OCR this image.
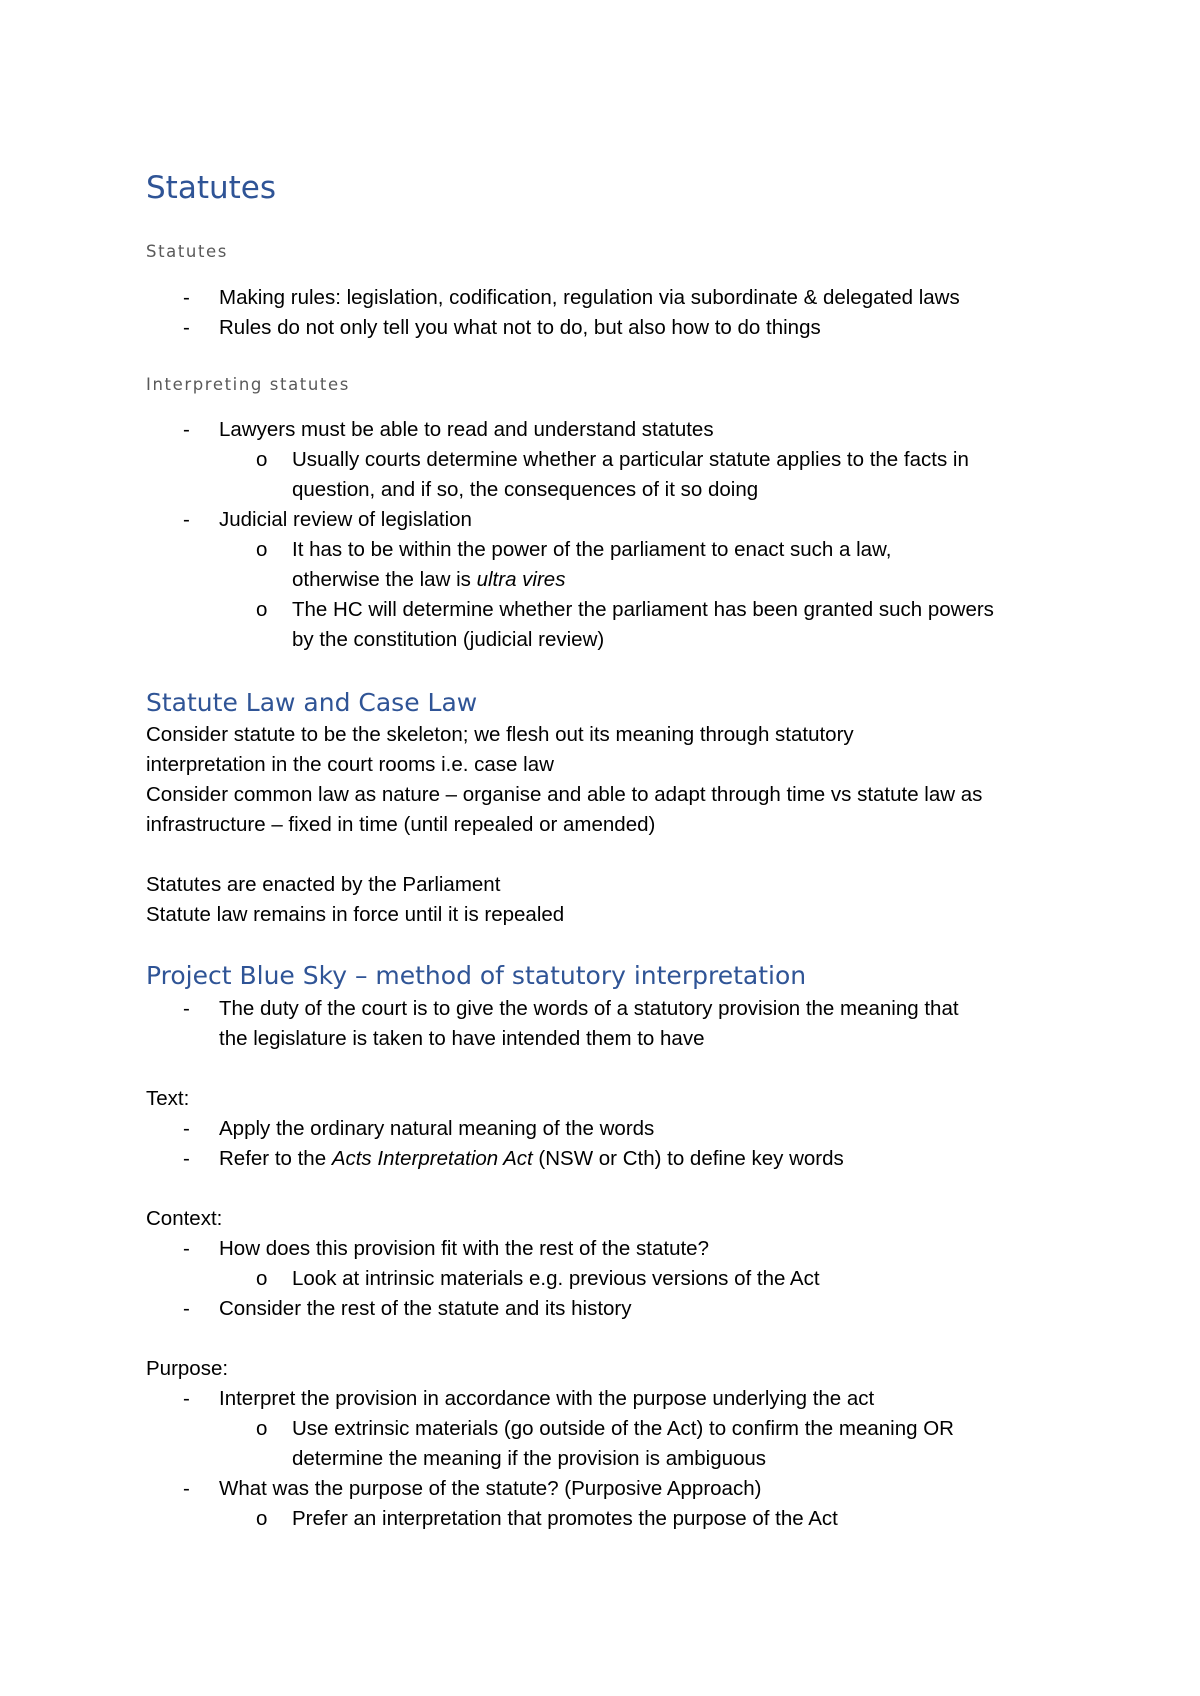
Statutes
Statutes
- Making rules: legislation, codification, regulation via subordinate & delegated laws
- Rules do not only tell you what not to do, but also how to do things
Interpreting statutes
- Lawyers must be able to read and understand statutes
o Usually courts determine whether a particular statute applies to the facts in
question, and if so, the consequences of it so doing
- Judicial review of legislation
o It has to be within the power of the parliament to enact such a law,
otherwise the law is ultra vires
o The HC will determine whether the parliament has been granted such powers
by the constitution (judicial review)
Statute Law and Case Law
Consider statute to be the skeleton; we flesh out its meaning through statutory
interpretation in the court rooms i.e. case law
Consider common law as nature – organise and able to adapt through time vs statute law as
infrastructure – fixed in time (until repealed or amended)
Statutes are enacted by the Parliament
Statute law remains in force until it is repealed
Project Blue Sky – method of statutory interpretation
- The duty of the court is to give the words of a statutory provision the meaning that
the legislature is taken to have intended them to have
Text:
- Apply the ordinary natural meaning of the words
- Refer to the Acts Interpretation Act (NSW or Cth) to define key words
Context:
- How does this provision fit with the rest of the statute?
o Look at intrinsic materials e.g. previous versions of the Act
- Consider the rest of the statute and its history
Purpose:
- Interpret the provision in accordance with the purpose underlying the act
o Use extrinsic materials (go outside of the Act) to confirm the meaning OR
determine the meaning if the provision is ambiguous
- What was the purpose of the statute? (Purposive Approach)
o Prefer an interpretation that promotes the purpose of the Act
